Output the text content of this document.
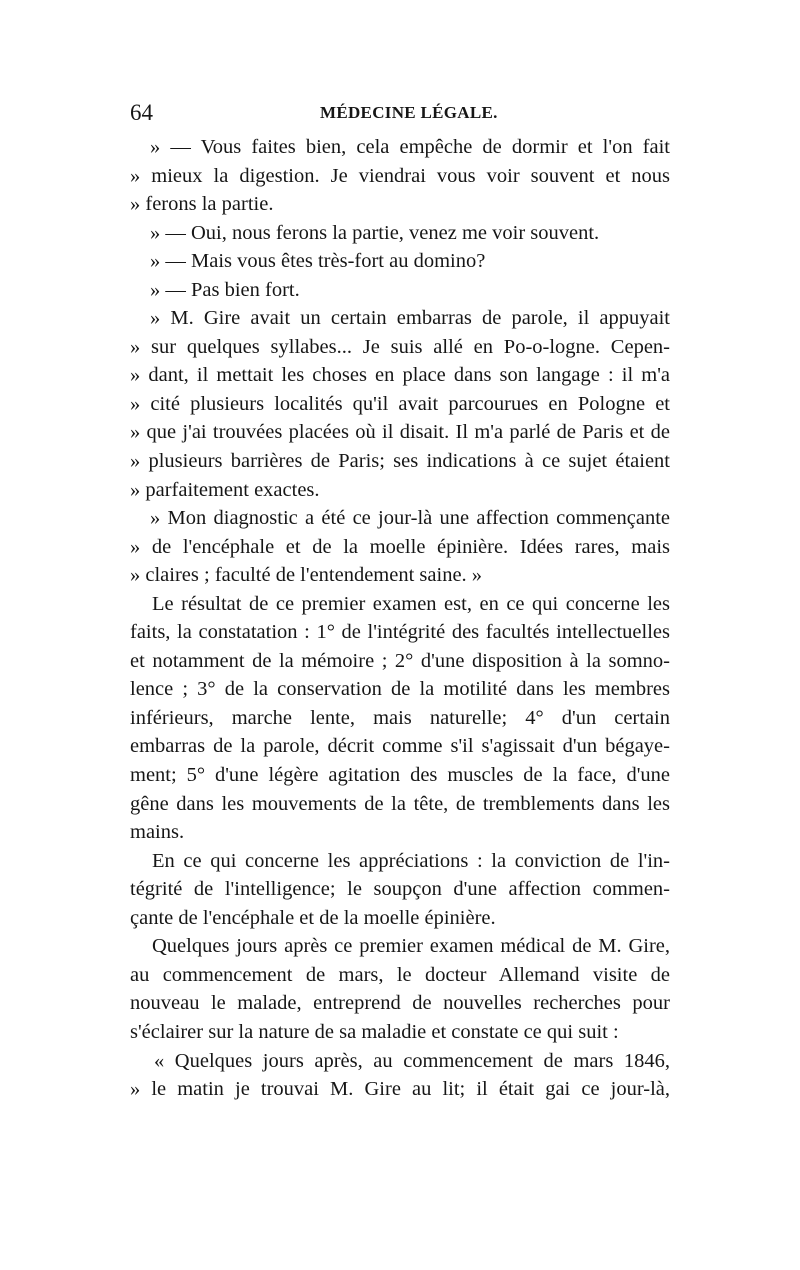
64	MÉDECINE LÉGALE.
» — Vous faites bien, cela empêche de dormir et l'on fait
» mieux la digestion. Je viendrai vous voir souvent et nous
» ferons la partie.
» — Oui, nous ferons la partie, venez me voir souvent.
» — Mais vous êtes très-fort au domino?
» — Pas bien fort.
» M. Gire avait un certain embarras de parole, il appuyait
» sur quelques syllabes... Je suis allé en Po-o-logne. Cepen-
» dant, il mettait les choses en place dans son langage : il m'a
» cité plusieurs localités qu'il avait parcourues en Pologne et
» que j'ai trouvées placées où il disait. Il m'a parlé de Paris et de
» plusieurs barrières de Paris; ses indications à ce sujet étaient
» parfaitement exactes.
» Mon diagnostic a été ce jour-là une affection commençante
» de l'encéphale et de la moelle épinière. Idées rares, mais
» claires ; faculté de l'entendement saine. »
Le résultat de ce premier examen est, en ce qui concerne les
faits, la constatation : 1° de l'intégrité des facultés intellectuelles
et notamment de la mémoire ; 2° d'une disposition à la somno-
lence ; 3° de la conservation de la motilité dans les membres
inférieurs, marche lente, mais naturelle; 4° d'un certain
embarras de la parole, décrit comme s'il s'agissait d'un bégaye-
ment; 5° d'une légère agitation des muscles de la face, d'une
gêne dans les mouvements de la tête, de tremblements dans les
mains.
En ce qui concerne les appréciations : la conviction de l'in-
tégrité de l'intelligence; le soupçon d'une affection commen-
çante de l'encéphale et de la moelle épinière.
Quelques jours après ce premier examen médical de M. Gire,
au commencement de mars, le docteur Allemand visite de
nouveau le malade, entreprend de nouvelles recherches pour
s'éclairer sur la nature de sa maladie et constate ce qui suit :
« Quelques jours après, au commencement de mars 1846,
» le matin je trouvai M. Gire au lit; il était gai ce jour-là,
